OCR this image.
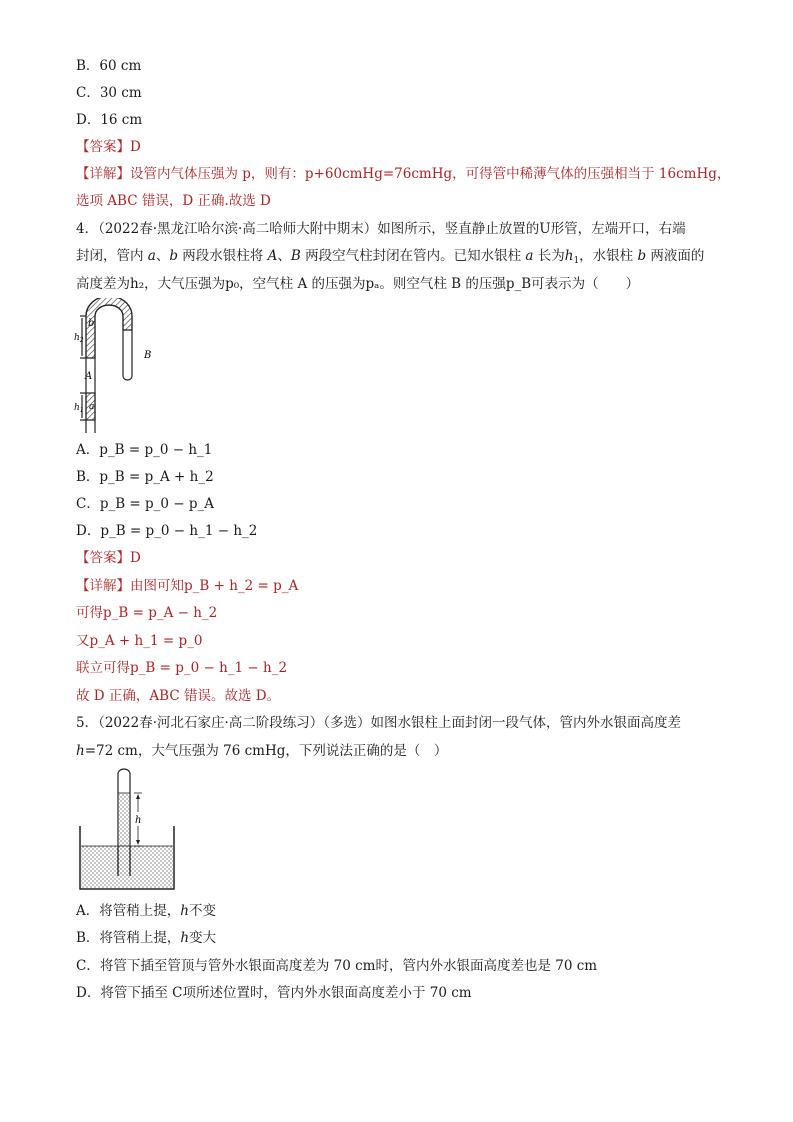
B．60 cm
C．30 cm
D．16 cm
【答案】D
【详解】设管内气体压强为 p，则有：p+60cmHg=76cmHg，可得管中稀薄气体的压强相当于 16cmHg，
选项 ABC 错误，D 正确.故选 D
4．（2022春·黑龙江哈尔滨·高二哈师大附中期末）如图所示，竖直静止放置的U形管，左端开口，右端
封闭，管内 a、b 两段水银柱将 A、B 两段空气柱封闭在管内。已知水银柱 a 长为$h_1$，水银柱 b 两液面的
高度差为h₂，大气压强为p₀，空气柱 A 的压强为pₐ。则空气柱 B 的压强p_B可表示为（　　）
b
$h_2$
B
A
$h_1$ a
A．p_B = p_0 − h_1
B．p_B = p_A + h_2
C．p_B = p_0 − p_A
D．p_B = p_0 − h_1 − h_2
【答案】D
【详解】由图可知p_B + h_2 = p_A
可得p_B = p_A − h_2
又p_A + h_1 = p_0
联立可得p_B = p_0 − h_1 − h_2
故 D 正确，ABC 错误。故选 D。
5．（2022春·河北石家庄·高二阶段练习）（多选）如图水银柱上面封闭一段气体，管内外水银面高度差
h=72 cm，大气压强为 76 cmHg，下列说法正确的是（　）
h
A．将管稍上提，h不变
B．将管稍上提，h变大
C．将管下插至管顶与管外水银面高度差为 70 cm时，管内外水银面高度差也是 70 cm
D．将管下插至 C项所述位置时，管内外水银面高度差小于 70 cm
